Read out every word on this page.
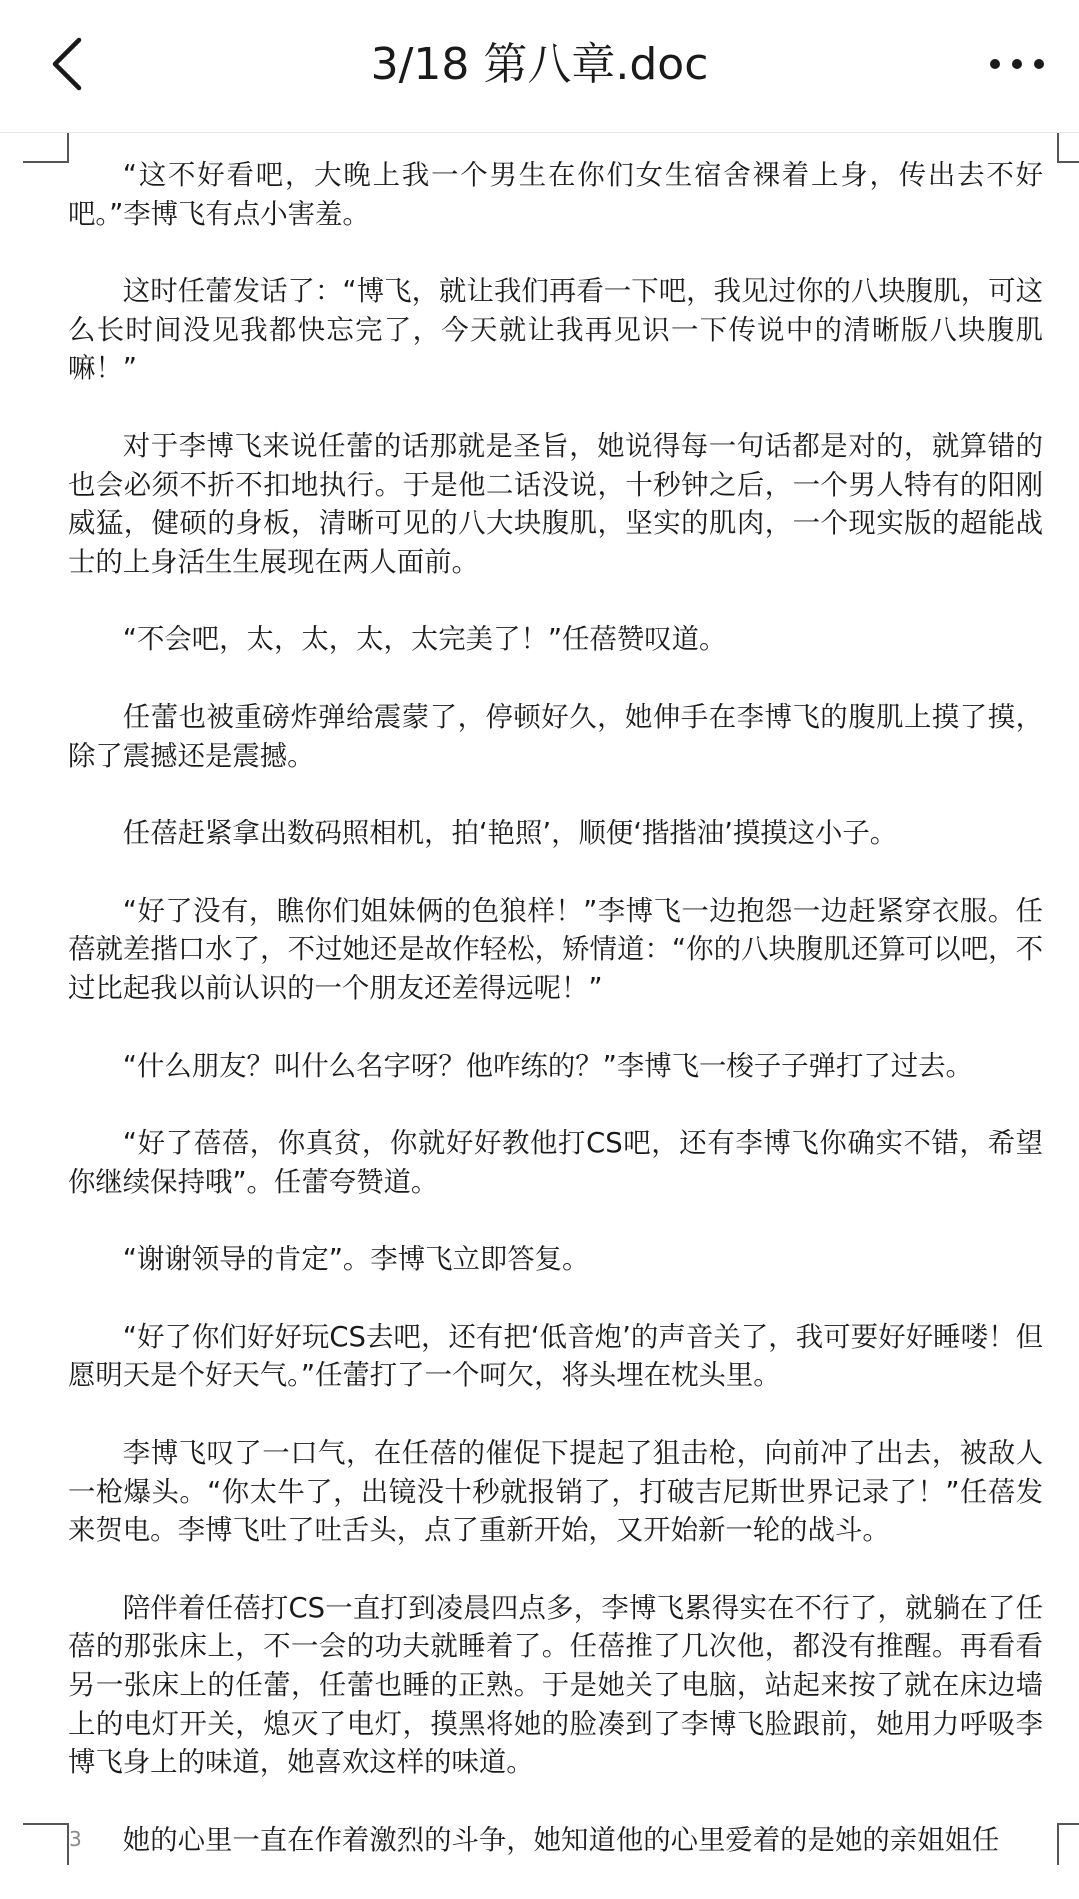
3/18 第八章.doc

“这不好看吧，大晚上我一个男生在你们女生宿舍裸着上身，传出去不好吧。”李博飞有点小害羞。

这时任蕾发话了：“博飞，就让我们再看一下吧，我见过你的八块腹肌，可这么长时间没见我都快忘完了，今天就让我再见识一下传说中的清晰版八块腹肌嘛！”

对于李博飞来说任蕾的话那就是圣旨，她说得每一句话都是对的，就算错的也会必须不折不扣地执行。于是他二话没说，十秒钟之后，一个男人特有的阳刚威猛，健硕的身板，清晰可见的八大块腹肌，坚实的肌肉，一个现实版的超能战士的上身活生生展现在两人面前。

“不会吧，太，太，太，太完美了！”任蓓赞叹道。

任蕾也被重磅炸弹给震蒙了，停顿好久，她伸手在李博飞的腹肌上摸了摸，除了震撼还是震撼。

任蓓赶紧拿出数码照相机，拍‘艳照’，顺便‘揩揩油’摸摸这小子。

“好了没有，瞧你们姐妹俩的色狼样！”李博飞一边抱怨一边赶紧穿衣服。任蓓就差揩口水了，不过她还是故作轻松，矫情道：“你的八块腹肌还算可以吧，不过比起我以前认识的一个朋友还差得远呢！”

“什么朋友？叫什么名字呀？他咋练的？”李博飞一梭子子弹打了过去。

“好了蓓蓓，你真贫，你就好好教他打CS吧，还有李博飞你确实不错，希望你继续保持哦”。任蕾夸赞道。

“谢谢领导的肯定”。李博飞立即答复。

“好了你们好好玩CS去吧，还有把‘低音炮’的声音关了，我可要好好睡喽！但愿明天是个好天气。”任蕾打了一个呵欠，将头埋在枕头里。

李博飞叹了一口气，在任蓓的催促下提起了狙击枪，向前冲了出去，被敌人一枪爆头。“你太牛了，出镜没十秒就报销了，打破吉尼斯世界记录了！”任蓓发来贺电。李博飞吐了吐舌头，点了重新开始，又开始新一轮的战斗。

陪伴着任蓓打CS一直打到凌晨四点多，李博飞累得实在不行了，就躺在了任蓓的那张床上，不一会的功夫就睡着了。任蓓推了几次他，都没有推醒。再看看另一张床上的任蕾，任蕾也睡的正熟。于是她关了电脑，站起来按了就在床边墙上的电灯开关，熄灭了电灯，摸黑将她的脸凑到了李博飞脸跟前，她用力呼吸李博飞身上的味道，她喜欢这样的味道。

她的心里一直在作着激烈的斗争，她知道他的心里爱着的是她的亲姐姐任

3
